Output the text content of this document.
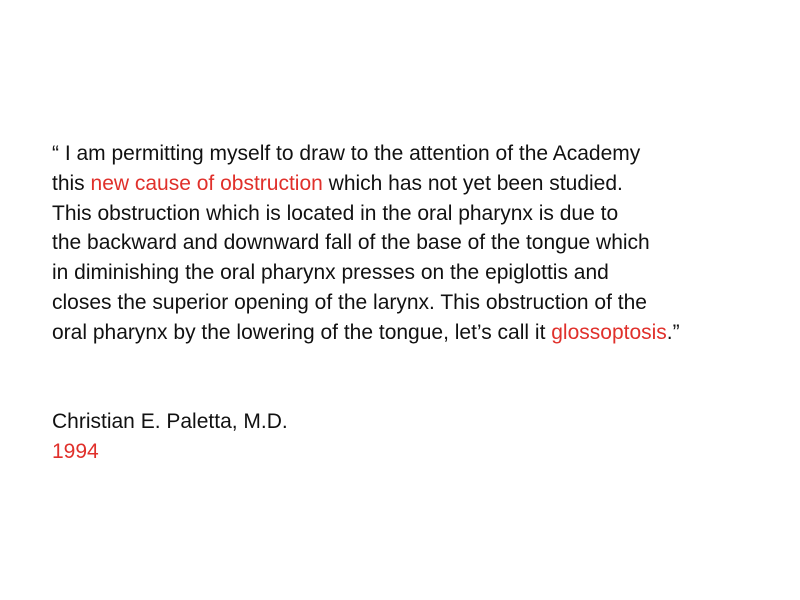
“ I am permitting myself to draw to the attention of the Academy
this new cause of obstruction which has not yet been studied.
This obstruction which is located in the oral pharynx is due to
the backward and downward fall of the base of the tongue which
in diminishing the oral pharynx presses on the epiglottis and
closes the superior opening of the larynx. This obstruction of the
oral pharynx by the lowering of the tongue, let’s call it glossoptosis.”
Christian E. Paletta, M.D.
1994
